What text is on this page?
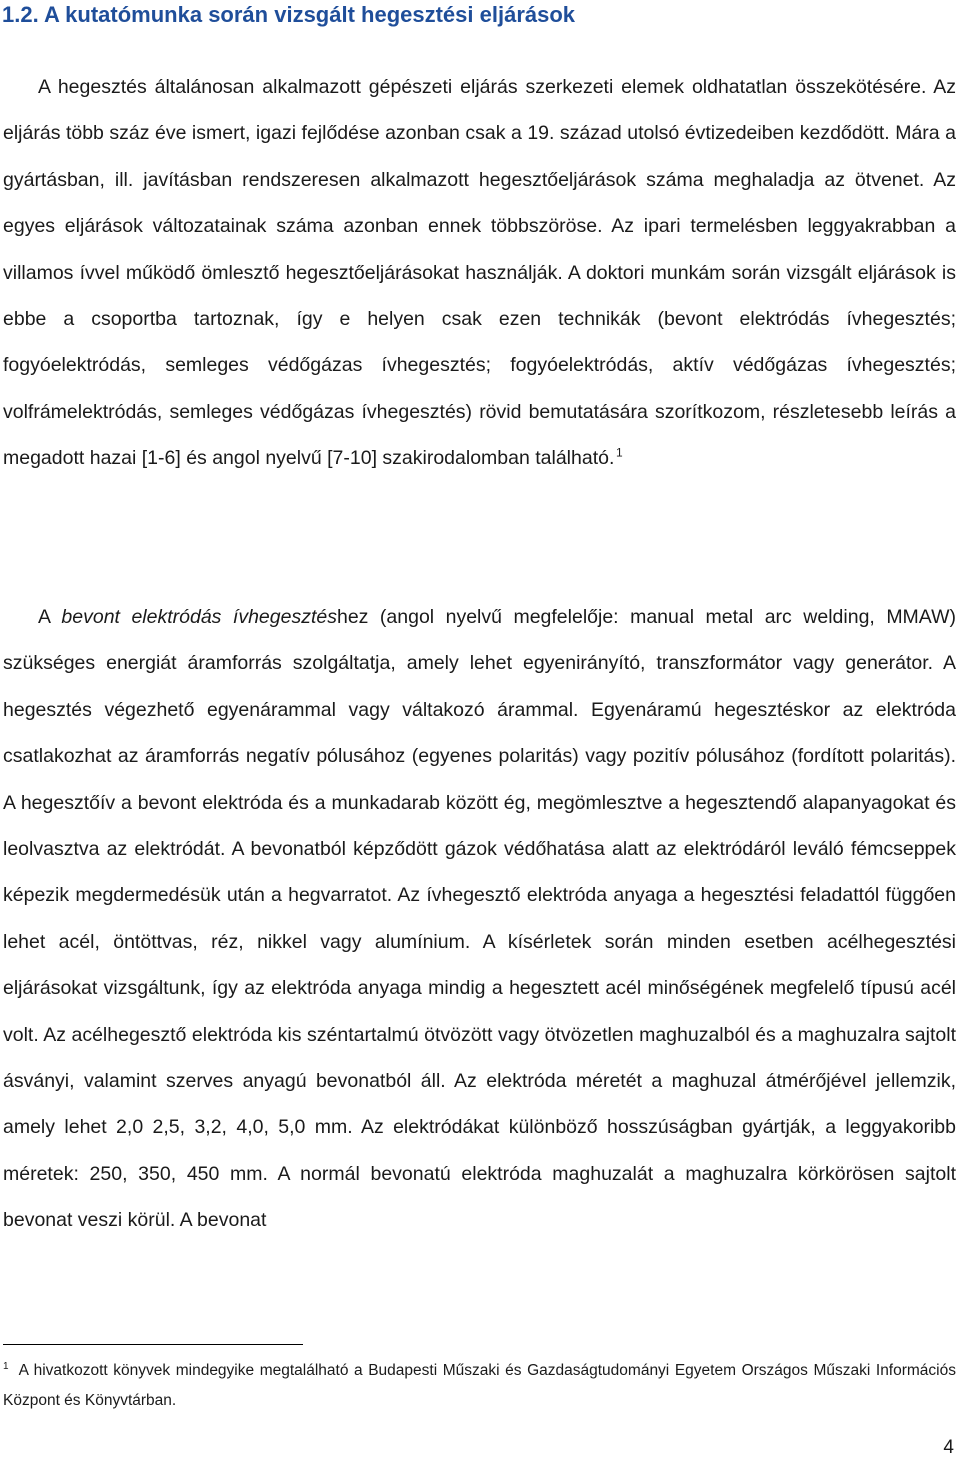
1.2. A kutatómunka során vizsgált hegesztési eljárások

A hegesztés általánosan alkalmazott gépészeti eljárás szerkezeti elemek oldhatatlan összekötésére. Az eljárás több száz éve ismert, igazi fejlődése azonban csak a 19. század utolsó évtizedeiben kezdődött. Mára a gyártásban, ill. javításban rendszeresen alkalmazott hegesztőeljárások száma meghaladja az ötvenet. Az egyes eljárások változatainak száma azonban ennek többszöröse. Az ipari termelésben leggyakrabban a villamos ívvel működő ömlesztő hegesztőeljárásokat használják. A doktori munkám során vizsgált eljárások is ebbe a csoportba tartoznak, így e helyen csak ezen technikák (bevont elektródás ívhegesztés; fogyóelektródás, semleges védőgázas ívhegesztés; fogyóelektródás, aktív védőgázas ívhegesztés; volfrámelektródás, semleges védőgázas ívhegesztés) rövid bemutatására szorítkozom, részletesebb leírás a megadott hazai [1-6] és angol nyelvű [7-10] szakirodalomban található.  $^1$

A bevont elektródás ívhegesztéshez (angol nyelvű megfelelője: manual metal arc welding, MMAW) szükséges energiát áramforrás szolgáltatja, amely lehet egyenirányító, transzformátor vagy generátor. A hegesztés végezhető egyenárammal vagy váltakozó árammal. Egyenáramú hegesztéskor az elektróda csatlakozhat az áramforrás negatív pólusához (egyenes polaritás) vagy pozitív pólusához (fordított polaritás). A hegesztőív a bevont elektróda és a munkadarab között ég, megömlesztve a hegesztendő alapanyagokat és leolvasztva az elektródát. A bevonatból képződött gázok védőhatása alatt az elektródáról leváló fémcseppek képezik megdermedésük után a hegvarratot. Az ívhegesztő elektróda anyaga a hegesztési feladattól függően lehet acél, öntöttvas, réz, nikkel vagy alumínium. A kísérletek során minden esetben acélhegesztési eljárásokat vizsgáltunk, így az elektróda anyaga mindig a hegesztett acél minőségének megfelelő típusú acél volt. Az acélhegesztő elektróda kis széntartalmú ötvözött vagy ötvözetlen maghuzalból és a maghuzalra sajtolt ásványi, valamint szerves anyagú bevonatból áll. Az elektróda méretét a maghuzal átmérőjével jellemzik, amely lehet 2,0 2,5, 3,2, 4,0, 5,0 mm. Az elektródákat különböző hosszúságban gyártják, a leggyakoribb méretek: 250, 350, 450 mm. A normál bevonatú elektróda maghuzalát a maghuzalra körkörösen sajtolt bevonat veszi körül. A bevonat

$^1$ A hivatkozott könyvek mindegyike megtalálható a Budapesti Műszaki és Gazdaságtudományi Egyetem Országos Műszaki Információs Központ és Könyvtárban.

4
